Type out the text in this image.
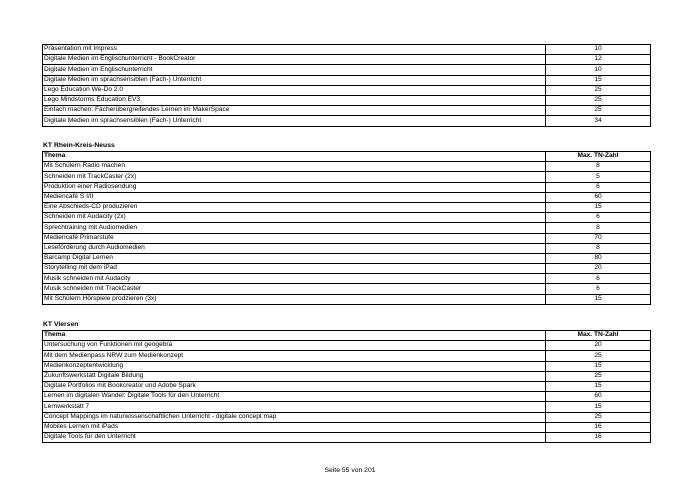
Präsentation mit Impress	10
Digitale Medien im Englischunterricht - BookCreator	12
Digitale Medien im Englischunterricht	10
Digitale Medien im sprachsensiblen (Fach-) Unterricht	15
Lego Education We-Do 2.0	25
Lego Mindstorms Education EV3	25
Einfach machen: Fächerübergreifendes Lernen im MakerSpace	25
Digitale Medien im sprachsensiblen (Fach-) Unterricht	34
KT Rhein-Kreis-Neuss
Thema	Max. TN-Zahl
Mit Schülern Radio machen	8
Schneiden mit TrackCaster (2x)	5
Produktion einer Radiosendung	6
Mediencafé S I/II	60
Eine Abschieds-CD produzieren	15
Schneiden mit Audacity (2x)	6
Sprechtraining mit Audiomedien	8
Mediencafé Primarstufe	70
Leseförderung durch Audiomedien	8
Barcamp Digital Lernen	80
Storytelling mit dem iPad	20
Musik schneiden mit Audacity	6
Musik schneiden mit TrackCaster	6
Mit Schülern Hörspiele prodzieren (3x)	15
KT Viersen
Thema	Max. TN-Zahl
Untersuchung von Funktionen mit geogebra	20
Mit dem Medienpass NRW zum Medienkonzept	25
Medienkonzeptentwicklung	15
Zukunftswerkstatt Digitale Bildung	25
Digitale Portfolios mit Bookcreator und Adobe Spark	15
Lernen im digitalen Wandel: Digitale Tools für den Unterricht	60
Lernwerkstatt 7	15
Concept Mappings im naturwissenschaftlichen Unterricht - digitale concept map	25
Mobiles Lernen mit iPads	16
Digitale Tools für den Unterricht	16
Seite 55 von 201
